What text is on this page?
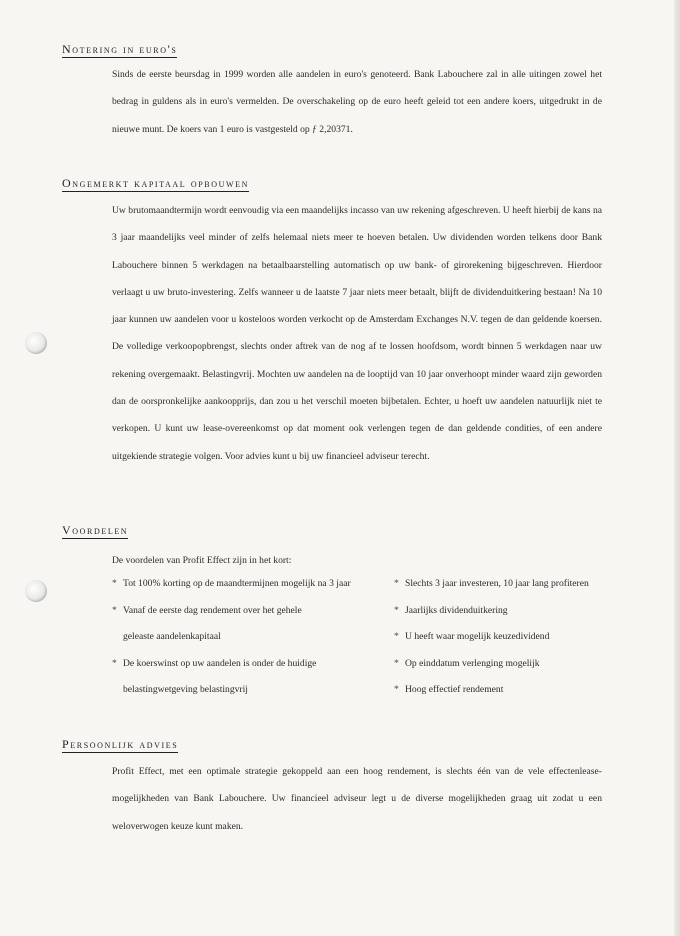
Notering in euro's

Sinds de eerste beursdag in 1999 worden alle aandelen in euro's genoteerd. Bank Labouchere zal in alle uitingen zowel het bedrag in guldens als in euro's vermelden. De overschakeling op de euro heeft geleid tot een andere koers, uitgedrukt in de nieuwe munt. De koers van 1 euro is vastgesteld op ƒ 2,20371.

Ongemerkt kapitaal opbouwen

Uw brutomaandtermijn wordt eenvoudig via een maandelijks incasso van uw rekening afgeschreven. U heeft hierbij de kans na 3 jaar maandelijks veel minder of zelfs helemaal niets meer te hoeven betalen. Uw dividenden worden telkens door Bank Labouchere binnen 5 werkdagen na betaalbaarstelling automatisch op uw bank- of girorekening bijgeschreven. Hierdoor verlaagt u uw bruto-investering. Zelfs wanneer u de laatste 7 jaar niets meer betaalt, blijft de dividenduitkering bestaan! Na 10 jaar kunnen uw aandelen voor u kosteloos worden verkocht op de Amsterdam Exchanges N.V. tegen de dan geldende koersen. De volledige verkoopopbrengst, slechts onder aftrek van de nog af te lossen hoofdsom, wordt binnen 5 werkdagen naar uw rekening overgemaakt. Belastingvrij. Mochten uw aandelen na de looptijd van 10 jaar onverhoopt minder waard zijn geworden dan de oorspronkelijke aankoopprijs, dan zou u het verschil moeten bijbetalen. Echter, u hoeft uw aandelen natuurlijk niet te verkopen. U kunt uw lease-overeenkomst op dat moment ook verlengen tegen de dan geldende condities, of een andere uitgekiende strategie volgen. Voor advies kunt u bij uw financieel adviseur terecht.

Voordelen

De voordelen van Profit Effect zijn in het kort:

* Tot 100% korting op de maandtermijnen mogelijk na 3 jaar
* Vanaf de eerste dag rendement over het gehele
geleaste aandelenkapitaal
* De koerswinst op uw aandelen is onder de huidige
belastingwetgeving belastingvrij
* Slechts 3 jaar investeren, 10 jaar lang profiteren
* Jaarlijks dividenduitkering
* U heeft waar mogelijk keuzedividend
* Op einddatum verlenging mogelijk
* Hoog effectief rendement
Persoonlijk advies

Profit Effect, met een optimale strategie gekoppeld aan een hoog rendement, is slechts één van de vele effectenlease-mogelijkheden van Bank Labouchere. Uw financieel adviseur legt u de diverse mogelijkheden graag uit zodat u een weloverwogen keuze kunt maken.
